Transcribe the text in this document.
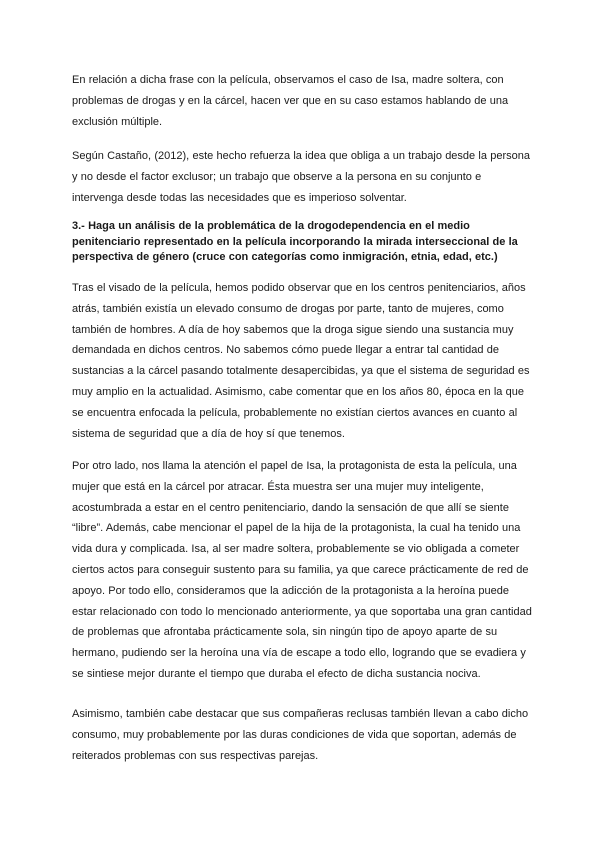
En relación a dicha frase con la película, observamos el caso de Isa, madre soltera, con problemas de drogas y en la cárcel, hacen ver que en su caso estamos hablando de una exclusión múltiple.

Según Castaño, (2012), este hecho refuerza la idea que obliga a un trabajo desde la persona y no desde el factor exclusor; un trabajo que observe a la persona en su conjunto e intervenga desde todas las necesidades que es imperioso solventar.

3.- Haga un análisis de la problemática de la drogodependencia en el medio penitenciario representado en la película incorporando la mirada interseccional de la perspectiva de género (cruce con categorías como inmigración, etnia, edad, etc.)

Tras el visado de la película, hemos podido observar que en los centros penitenciarios, años atrás, también existía un elevado consumo de drogas por parte, tanto de mujeres, como también de hombres. A día de hoy sabemos que la droga sigue siendo una sustancia muy demandada en dichos centros. No sabemos cómo puede llegar a entrar tal cantidad de sustancias a la cárcel pasando totalmente desapercibidas, ya que el sistema de seguridad es muy amplio en la actualidad. Asimismo, cabe comentar que en los años 80, época en la que se encuentra enfocada la película, probablemente no existían ciertos avances en cuanto al sistema de seguridad que a día de hoy sí que tenemos.

Por otro lado, nos llama la atención el papel de Isa, la protagonista de esta la película, una mujer que está en la cárcel por atracar. Ésta muestra ser una mujer muy inteligente, acostumbrada a estar en el centro penitenciario, dando la sensación de que allí se siente “libre”. Además, cabe mencionar el papel de la hija de la protagonista, la cual ha tenido una vida dura y complicada. Isa, al ser madre soltera, probablemente se vio obligada a cometer ciertos actos para conseguir sustento para su familia, ya que carece prácticamente de red de apoyo. Por todo ello, consideramos que la adicción de la protagonista a la heroína puede estar relacionado con todo lo mencionado anteriormente, ya que soportaba una gran cantidad de problemas que afrontaba prácticamente sola, sin ningún tipo de apoyo aparte de su hermano, pudiendo ser la heroína una vía de escape a todo ello, logrando que se evadiera y se sintiese mejor durante el tiempo que duraba el efecto de dicha sustancia nociva.

Asimismo, también cabe destacar que sus compañeras reclusas también llevan a cabo dicho consumo, muy probablemente por las duras condiciones de vida que soportan, además de reiterados problemas con sus respectivas parejas.
